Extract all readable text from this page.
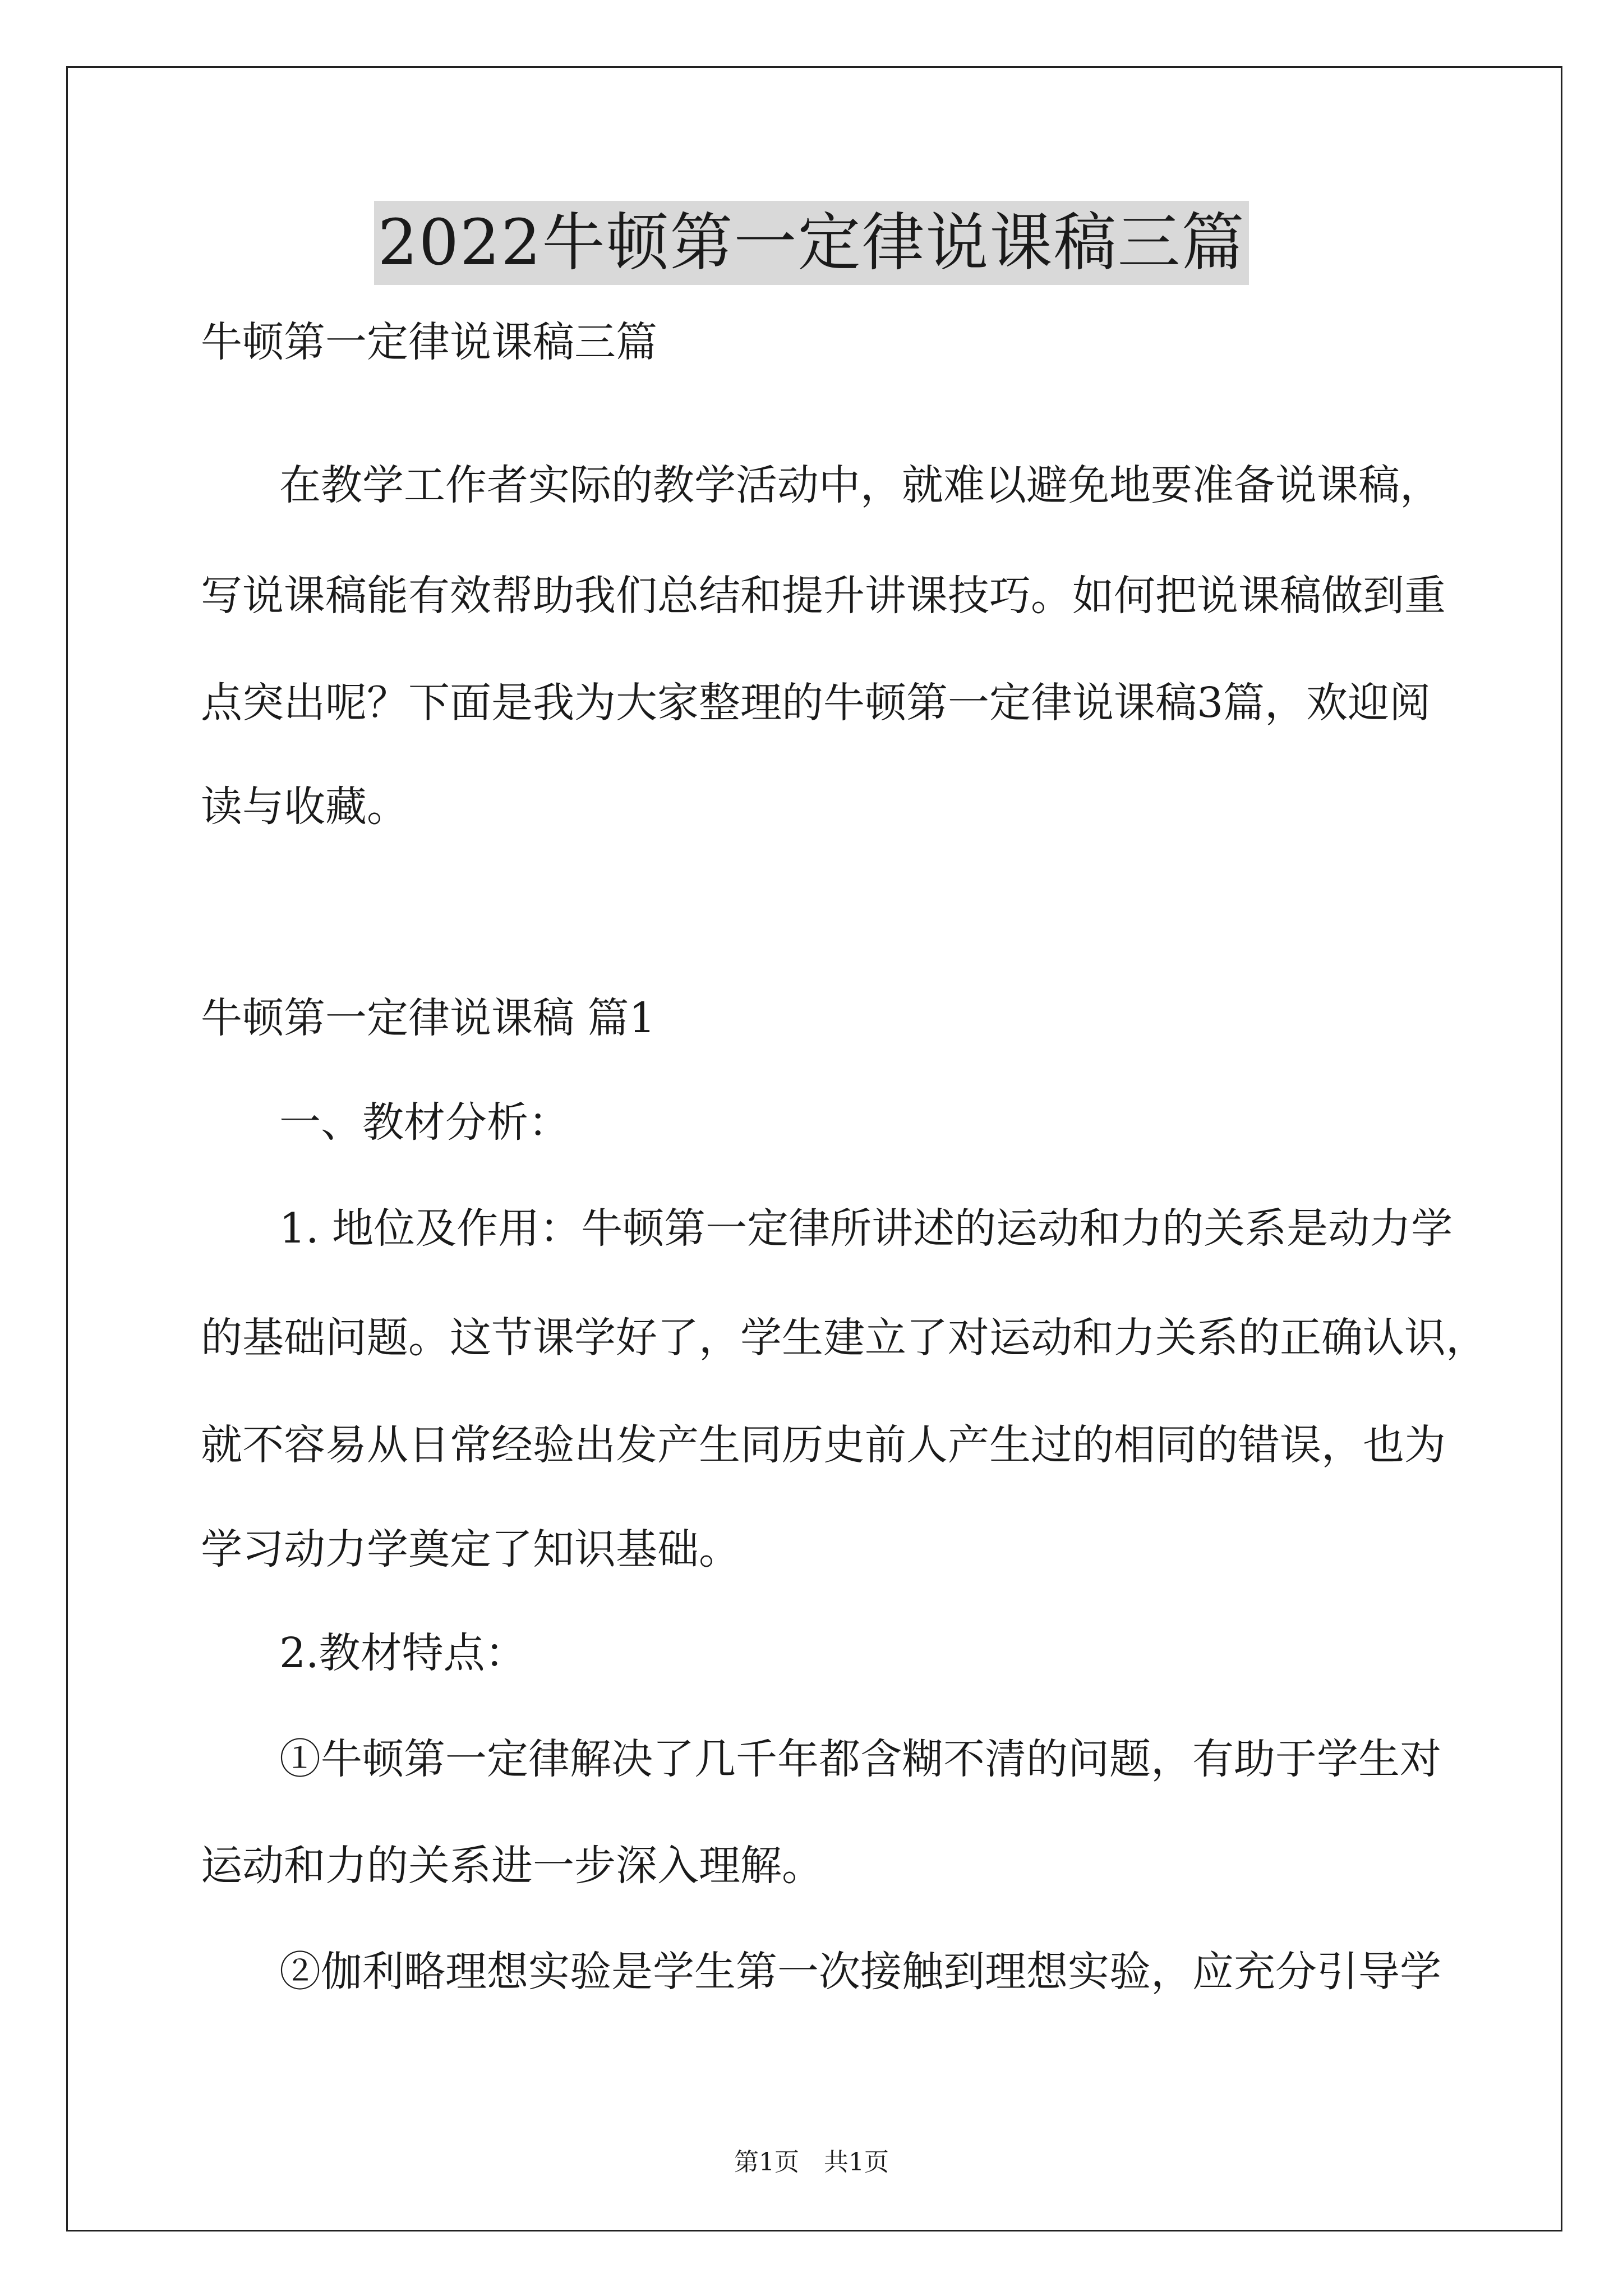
2022牛顿第一定律说课稿三篇
牛顿第一定律说课稿三篇
在教学工作者实际的教学活动中，就难以避免地要准备说课稿，
写说课稿能有效帮助我们总结和提升讲课技巧。如何把说课稿做到重
点突出呢？下面是我为大家整理的牛顿第一定律说课稿3篇，欢迎阅
读与收藏。
牛顿第一定律说课稿 篇1
一、教材分析：
1. 地位及作用：牛顿第一定律所讲述的运动和力的关系是动力学
的基础问题。这节课学好了，学生建立了对运动和力关系的正确认识，
就不容易从日常经验出发产生同历史前人产生过的相同的错误，也为
学习动力学奠定了知识基础。
2.教材特点：
①牛顿第一定律解决了几千年都含糊不清的问题，有助于学生对
运动和力的关系进一步深入理解。
②伽利略理想实验是学生第一次接触到理想实验，应充分引导学
第1页　共1页
